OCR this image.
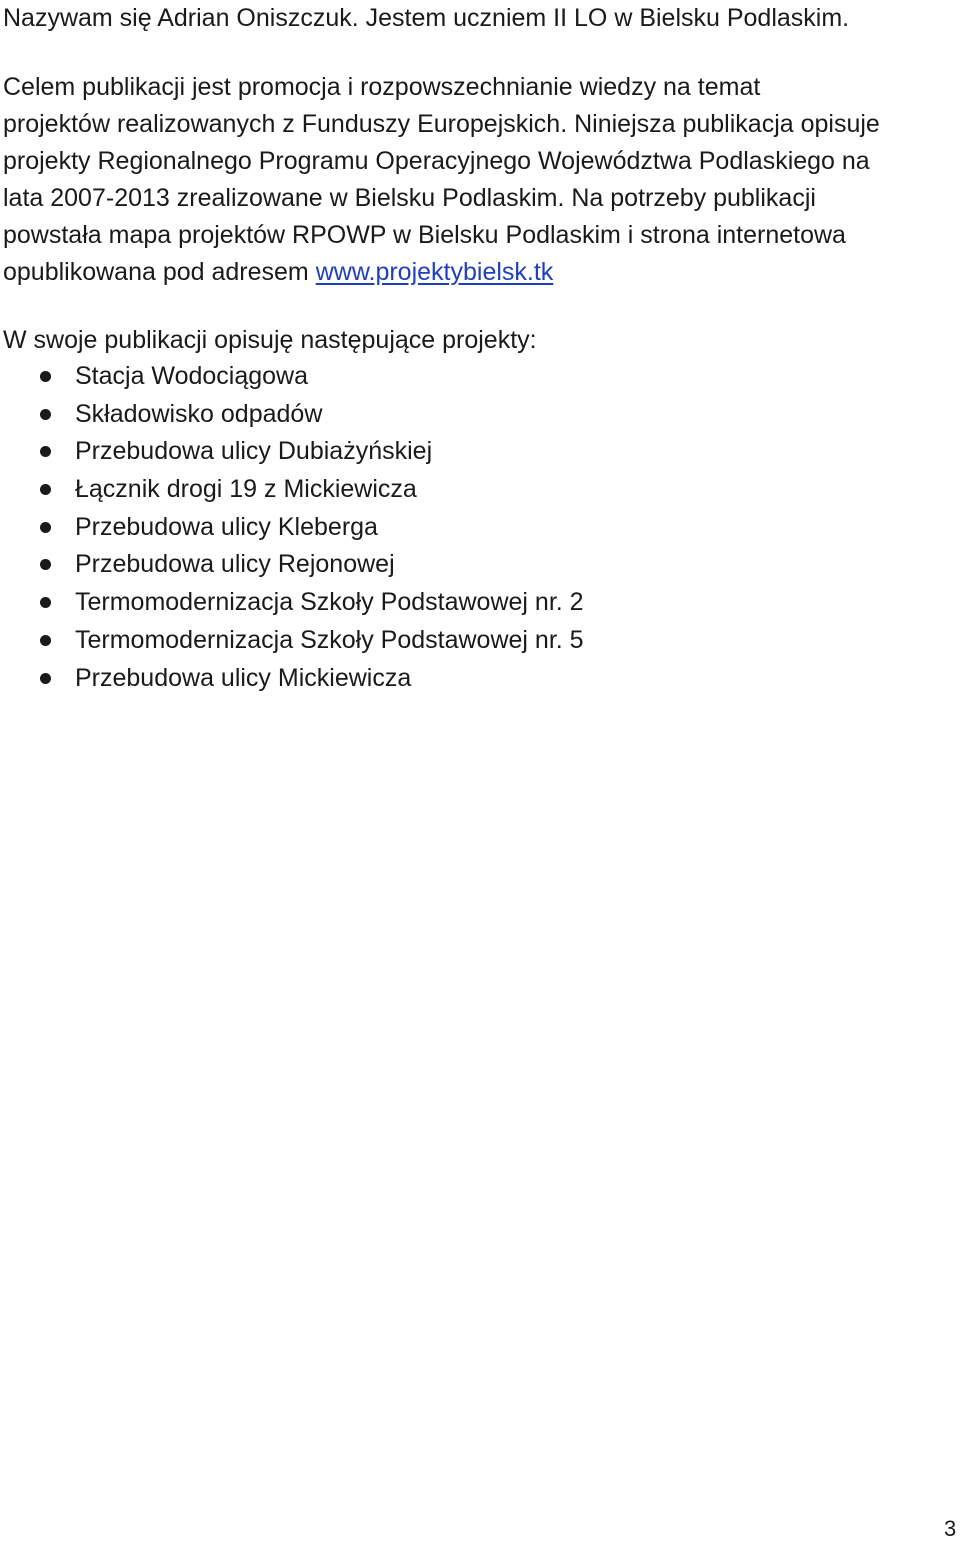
Nazywam się Adrian Oniszczuk. Jestem uczniem II LO w Bielsku Podlaskim.
Celem publikacji jest promocja i rozpowszechnianie wiedzy na temat
projektów realizowanych z Funduszy Europejskich. Niniejsza publikacja opisuje
projekty Regionalnego Programu Operacyjnego Województwa Podlaskiego na
lata 2007-2013 zrealizowane w Bielsku Podlaskim. Na potrzeby publikacji
powstała mapa projektów RPOWP w Bielsku Podlaskim i strona internetowa
opublikowana pod adresem www.projektybielsk.tk
W swoje publikacji opisuję następujące projekty:
Stacja Wodociągowa
Składowisko odpadów
Przebudowa ulicy Dubiażyńskiej
Łącznik drogi 19 z Mickiewicza
Przebudowa ulicy Kleberga
Przebudowa ulicy Rejonowej
Termomodernizacja Szkoły Podstawowej nr. 2
Termomodernizacja Szkoły Podstawowej nr. 5
Przebudowa ulicy Mickiewicza
3
